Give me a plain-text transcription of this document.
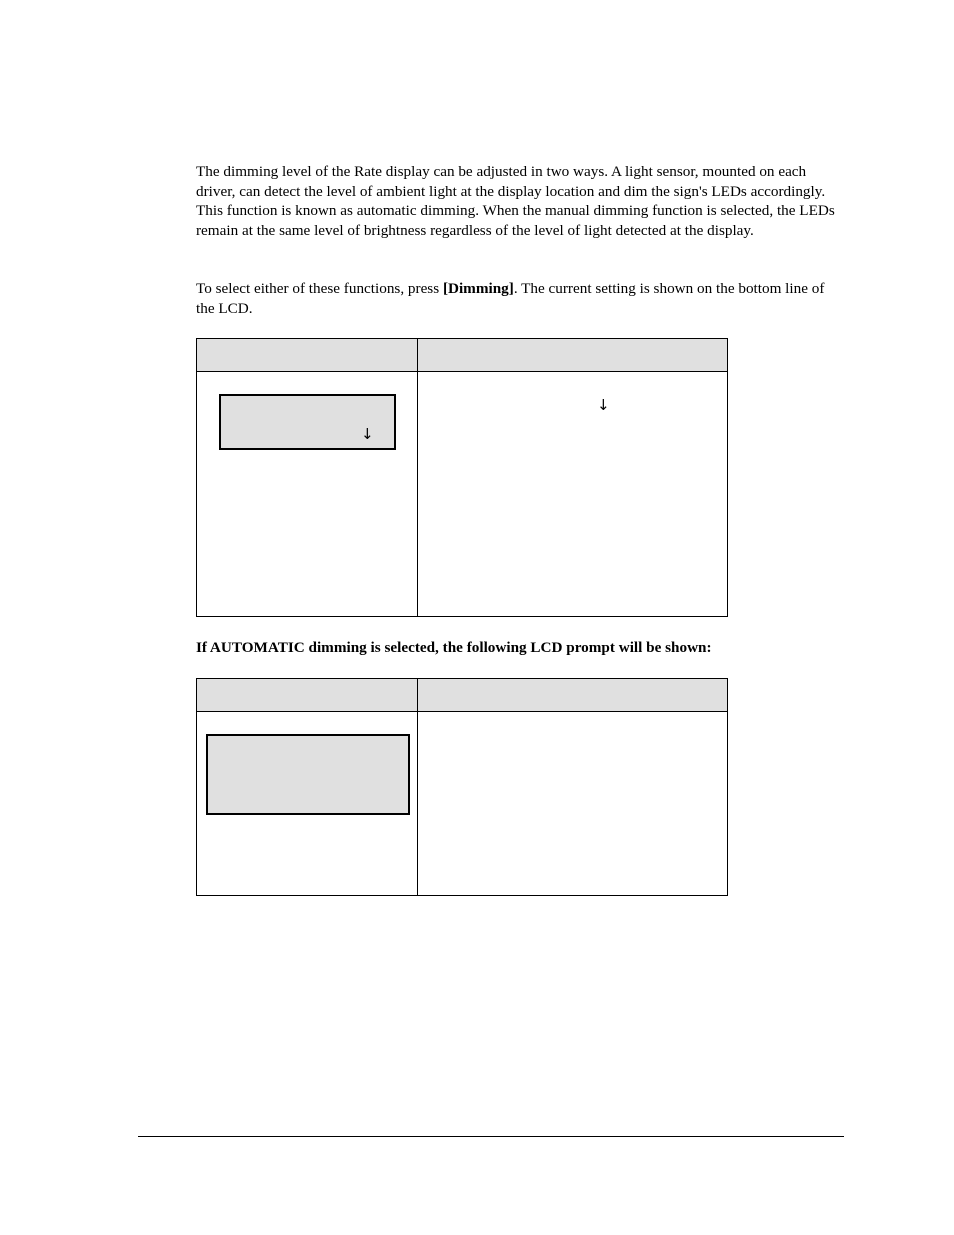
The dimming level of the Rate display can be adjusted in two ways. A light sensor, mounted on each driver, can detect the level of ambient light at the display location and dim the sign's LEDs accordingly. This function is known as automatic dimming. When the manual dimming function is selected, the LEDs remain at the same level of brightness regardless of the level of light detected at the display.

To select either of these functions, press [Dimming]. The current setting is shown on the bottom line of the LCD.

↓
↓

If AUTOMATIC dimming is selected, the following LCD prompt will be shown:
